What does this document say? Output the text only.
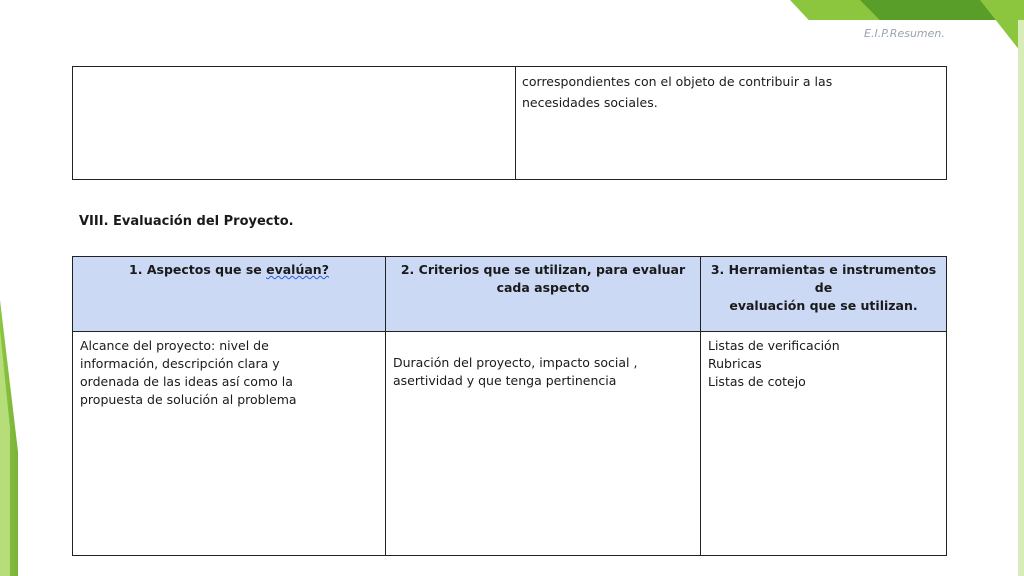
E.I.P.Resumen.

correspondientes con el objeto de contribuir a las
necesidades sociales.
VIII. Evaluación del Proyecto.
1. Aspectos que se evalúan?	2. Criterios que se utilizan, para evaluar
cada aspecto	3. Herramientas e instrumentos de
evaluación que se utilizan.

Alcance del proyecto: nivel de
información, descripción clara y
ordenada de las ideas así como la
propuesta de solución al problema	Duración del proyecto, impacto social ,
asertividad y que tenga pertinencia	Listas de verificación
Rubricas
Listas de cotejo
